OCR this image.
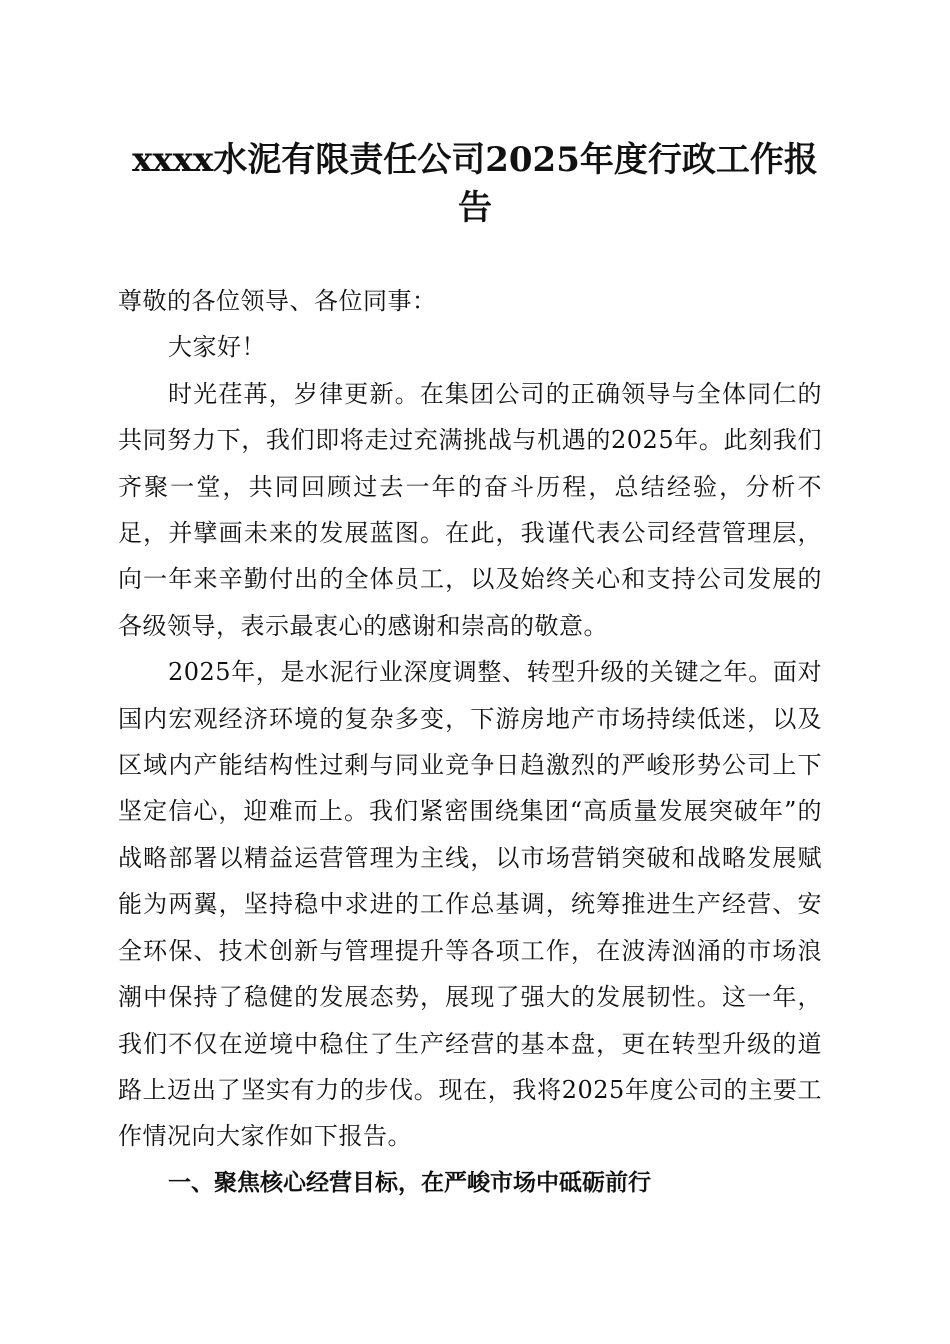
xxxx水泥有限责任公司2025年度行政工作报告

尊敬的各位领导、各位同事：

大家好！

时光荏苒，岁律更新。在集团公司的正确领导与全体同仁的共同努力下，我们即将走过充满挑战与机遇的2025年。此刻我们齐聚一堂，共同回顾过去一年的奋斗历程，总结经验，分析不足，并擘画未来的发展蓝图。在此，我谨代表公司经营管理层，向一年来辛勤付出的全体员工，以及始终关心和支持公司发展的各级领导，表示最衷心的感谢和崇高的敬意。

2025年，是水泥行业深度调整、转型升级的关键之年。面对国内宏观经济环境的复杂多变，下游房地产市场持续低迷，以及区域内产能结构性过剩与同业竞争日趋激烈的严峻形势公司上下坚定信心，迎难而上。我们紧密围绕集团“高质量发展突破年”的战略部署以精益运营管理为主线，以市场营销突破和战略发展赋能为两翼，坚持稳中求进的工作总基调，统筹推进生产经营、安全环保、技术创新与管理提升等各项工作，在波涛汹涌的市场浪潮中保持了稳健的发展态势，展现了强大的发展韧性。这一年，我们不仅在逆境中稳住了生产经营的基本盘，更在转型升级的道路上迈出了坚实有力的步伐。现在，我将2025年度公司的主要工作情况向大家作如下报告。

一、聚焦核心经营目标，在严峻市场中砥砺前行
